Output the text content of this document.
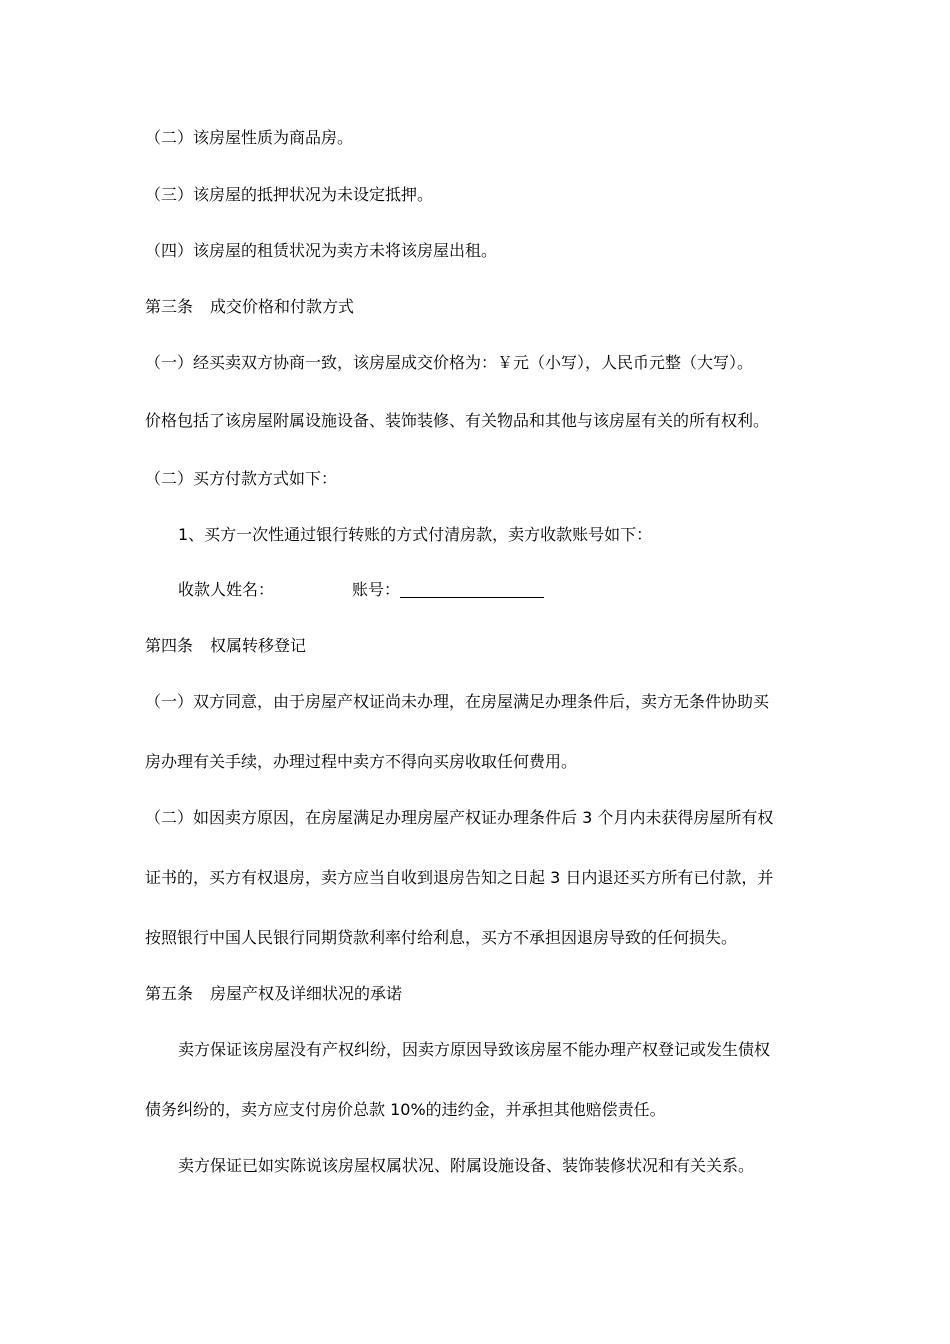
（二）该房屋性质为商品房。
（三）该房屋的抵押状况为未设定抵押。
（四）该房屋的租赁状况为卖方未将该房屋出租。
第三条 成交价格和付款方式
（一）经买卖双方协商一致，该房屋成交价格为：￥元（小写），人民币元整（大写）。
价格包括了该房屋附属设施设备、装饰装修、有关物品和其他与该房屋有关的所有权利。
（二）买方付款方式如下：
1、买方一次性通过银行转账的方式付清房款，卖方收款账号如下：
收款人姓名：	账号：
第四条 权属转移登记
（一）双方同意，由于房屋产权证尚未办理，在房屋满足办理条件后，卖方无条件协助买
房办理有关手续，办理过程中卖方不得向买房收取任何费用。
（二）如因卖方原因，在房屋满足办理房屋产权证办理条件后 3 个月内未获得房屋所有权
证书的，买方有权退房，卖方应当自收到退房告知之日起 3 日内退还买方所有已付款，并
按照银行中国人民银行同期贷款利率付给利息，买方不承担因退房导致的任何损失。
第五条 房屋产权及详细状况的承诺
卖方保证该房屋没有产权纠纷，因卖方原因导致该房屋不能办理产权登记或发生债权
债务纠纷的，卖方应支付房价总款 10%的违约金，并承担其他赔偿责任。
卖方保证已如实陈说该房屋权属状况、附属设施设备、装饰装修状况和有关关系。
